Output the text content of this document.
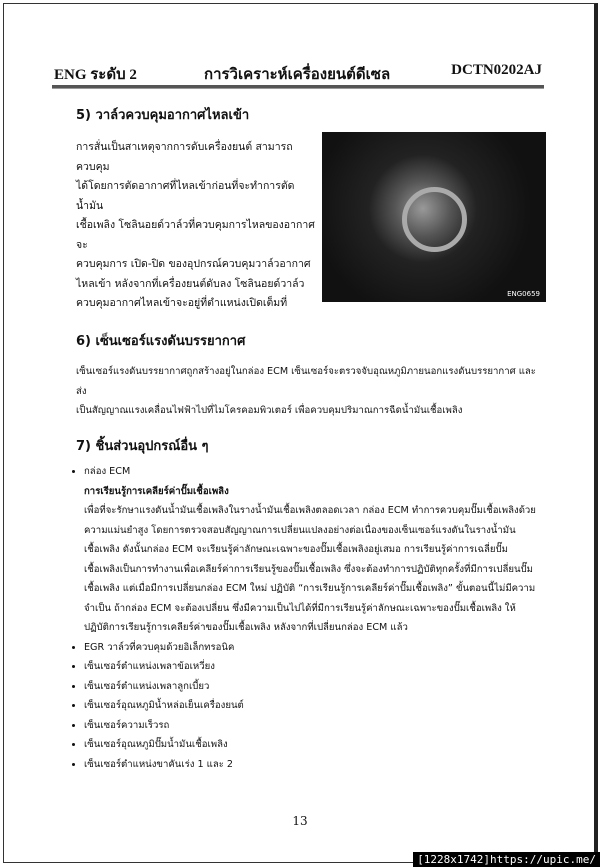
ENG ระดับ 2	การวิเคราะห์เครื่องยนต์ดีเซล	DCTN0202AJ
5) วาล์วควบคุมอากาศไหลเข้า
การสั่นเป็นสาเหตุจากการดับเครื่องยนต์ สามารถควบคุม
ได้โดยการตัดอากาศที่ไหลเข้าก่อนที่จะทำการตัดน้ำมัน
เชื้อเพลิง โซลินอยด์วาล์วที่ควบคุมการไหลของอากาศจะ
ควบคุมการ เปิด-ปิด ของอุปกรณ์ควบคุมวาล์วอากาศ
ไหลเข้า หลังจากที่เครื่องยนต์ดับลง โซลินอยด์วาล์ว
ควบคุมอากาศไหลเข้าจะอยู่ที่ตำแหน่งเปิดเต็มที่
ENG0659
6) เซ็นเซอร์แรงดันบรรยากาศ
เซ็นเซอร์แรงดันบรรยากาศถูกสร้างอยู่ในกล่อง ECM เซ็นเซอร์จะตรวจจับอุณหภูมิภายนอกแรงดันบรรยากาศ และส่ง
เป็นสัญญาณแรงเคลื่อนไฟฟ้าไปที่ไมโครคอมพิวเตอร์ เพื่อควบคุมปริมาณการฉีดน้ำมันเชื้อเพลิง
7) ชิ้นส่วนอุปกรณ์อื่น ๆ
• กล่อง ECM
การเรียนรู้การเคลียร์ค่าปั๊มเชื้อเพลิง
เพื่อที่จะรักษาแรงดันน้ำมันเชื้อเพลิงในรางน้ำมันเชื้อเพลิงตลอดเวลา กล่อง ECM ทำการควบคุมปั๊มเชื้อเพลิงด้วย
ความแม่นยำสูง โดยการตรวจสอบสัญญาณการเปลี่ยนแปลงอย่างต่อเนื่องของเซ็นเซอร์แรงดันในรางน้ำมัน
เชื้อเพลิง ดังนั้นกล่อง ECM จะเรียนรู้ค่าลักษณะเฉพาะของปั๊มเชื้อเพลิงอยู่เสมอ การเรียนรู้ค่าการเฉลี่ยปั๊ม
เชื้อเพลิงเป็นการทำงานเพื่อเคลียร์ค่าการเรียนรู้ของปั๊มเชื้อเพลิง ซึ่งจะต้องทำการปฏิบัติทุกครั้งที่มีการเปลี่ยนปั๊ม
เชื้อเพลิง แต่เมื่อมีการเปลี่ยนกล่อง ECM ใหม่ ปฏิบัติ “การเรียนรู้การเคลียร์ค่าปั๊มเชื้อเพลิง” ขั้นตอนนี้ไม่มีความ
จำเป็น ถ้ากล่อง ECM จะต้องเปลี่ยน ซึ่งมีความเป็นไปได้ที่มีการเรียนรู้ค่าลักษณะเฉพาะของปั๊มเชื้อเพลิง ให้
ปฏิบัติการเรียนรู้การเคลียร์ค่าของปั๊มเชื้อเพลิง หลังจากที่เปลี่ยนกล่อง ECM แล้ว
• EGR วาล์วที่ควบคุมด้วยอิเล็กทรอนิค
• เซ็นเซอร์ตำแหน่งเพลาข้อเหวี่ยง
• เซ็นเซอร์ตำแหน่งเพลาลูกเบี้ยว
• เซ็นเซอร์อุณหภูมิน้ำหล่อเย็นเครื่องยนต์
• เซ็นเซอร์ความเร็วรถ
• เซ็นเซอร์อุณหภูมิปั๊มน้ำมันเชื้อเพลิง
• เซ็นเซอร์ตำแหน่งขาคันเร่ง 1 และ 2
13
[1228x1742]https://upic.me/
